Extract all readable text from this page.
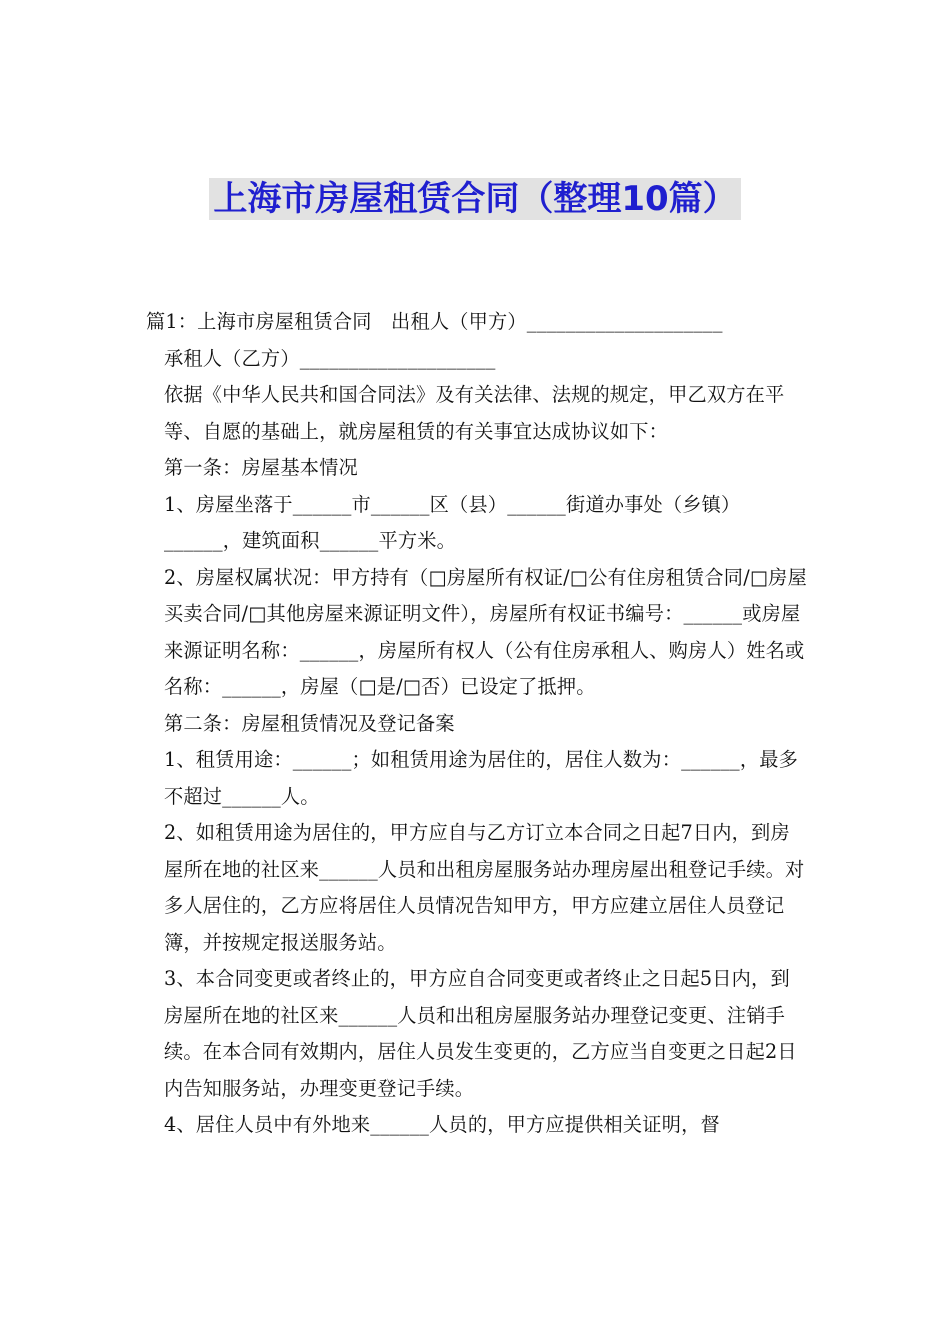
上海市房屋租赁合同（整理10篇）

篇1：上海市房屋租赁合同　出租人（甲方）____________________

承租人（乙方）____________________

依据《中华人民共和国合同法》及有关法律、法规的规定，甲乙双方在平等、自愿的基础上，就房屋租赁的有关事宜达成协议如下：

第一条：房屋基本情况

1、房屋坐落于______市______区（县）______街道办事处（乡镇）______，建筑面积______平方米。

2、房屋权属状况：甲方持有（□房屋所有权证/□公有住房租赁合同/□房屋买卖合同/□其他房屋来源证明文件），房屋所有权证书编号：______或房屋来源证明名称：______，房屋所有权人（公有住房承租人、购房人）姓名或名称：______，房屋（□是/□否）已设定了抵押。

第二条：房屋租赁情况及登记备案

1、租赁用途：______；如租赁用途为居住的，居住人数为：______，最多不超过______人。

2、如租赁用途为居住的，甲方应自与乙方订立本合同之日起7日内，到房屋所在地的社区来______人员和出租房屋服务站办理房屋出租登记手续。对多人居住的，乙方应将居住人员情况告知甲方，甲方应建立居住人员登记簿，并按规定报送服务站。

3、本合同变更或者终止的，甲方应自合同变更或者终止之日起5日内，到房屋所在地的社区来______人员和出租房屋服务站办理登记变更、注销手续。在本合同有效期内，居住人员发生变更的，乙方应当自变更之日起2日内告知服务站，办理变更登记手续。

4、居住人员中有外地来______人员的，甲方应提供相关证明，督
